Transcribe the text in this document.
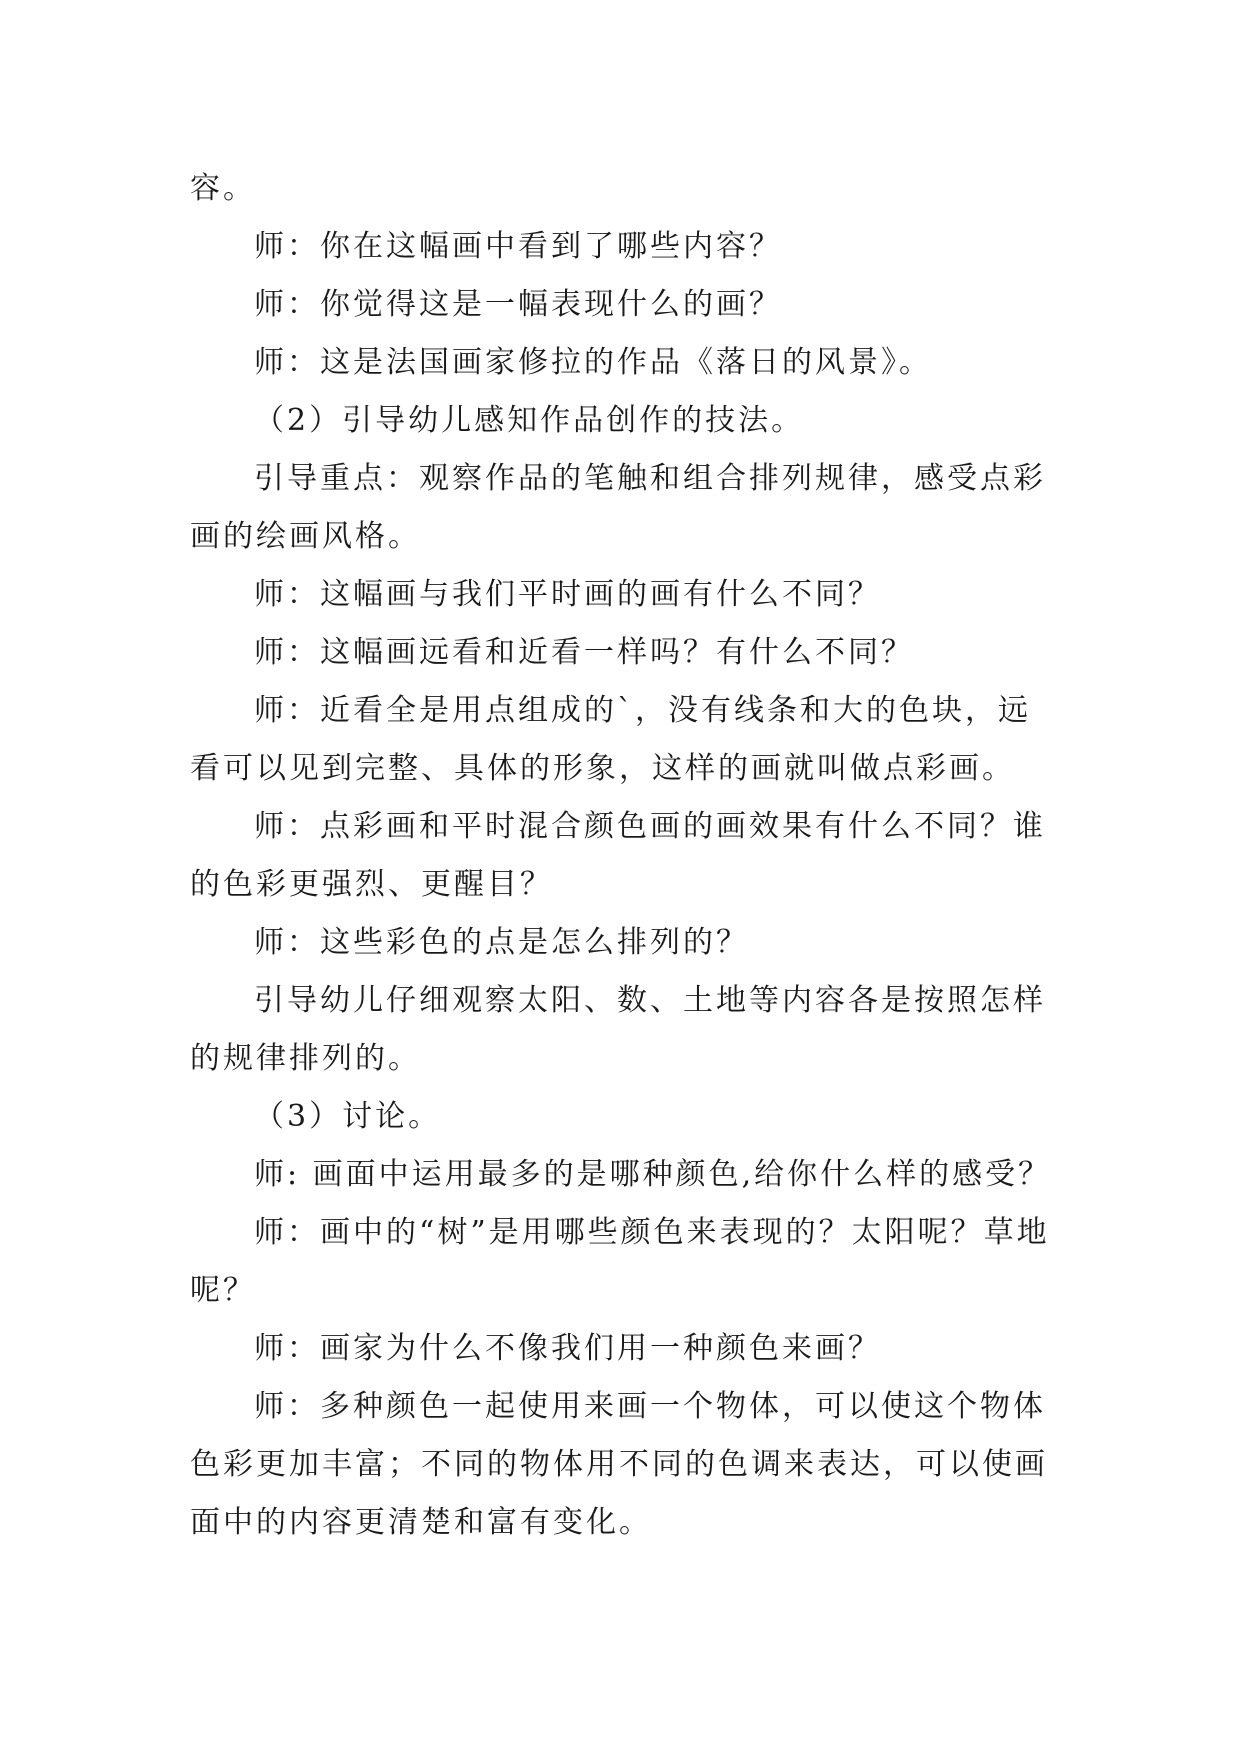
容。

师：你在这幅画中看到了哪些内容？

师：你觉得这是一幅表现什么的画？

师：这是法国画家修拉的作品《落日的风景》。

（2）引导幼儿感知作品创作的技法。

引导重点：观察作品的笔触和组合排列规律，感受点彩画的绘画风格。

师：这幅画与我们平时画的画有什么不同？

师：这幅画远看和近看一样吗？有什么不同？

师：近看全是用点组成的`，没有线条和大的色块，远看可以见到完整、具体的形象，这样的画就叫做点彩画。

师：点彩画和平时混合颜色画的画效果有什么不同？谁的色彩更强烈、更醒目？

师：这些彩色的点是怎么排列的？

引导幼儿仔细观察太阳、数、土地等内容各是按照怎样的规律排列的。

（3）讨论。

师: 画面中运用最多的是哪种颜色,给你什么样的感受？

师：画中的“树”是用哪些颜色来表现的？太阳呢？草地呢？

师：画家为什么不像我们用一种颜色来画？

师：多种颜色一起使用来画一个物体，可以使这个物体色彩更加丰富；不同的物体用不同的色调来表达，可以使画面中的内容更清楚和富有变化。
